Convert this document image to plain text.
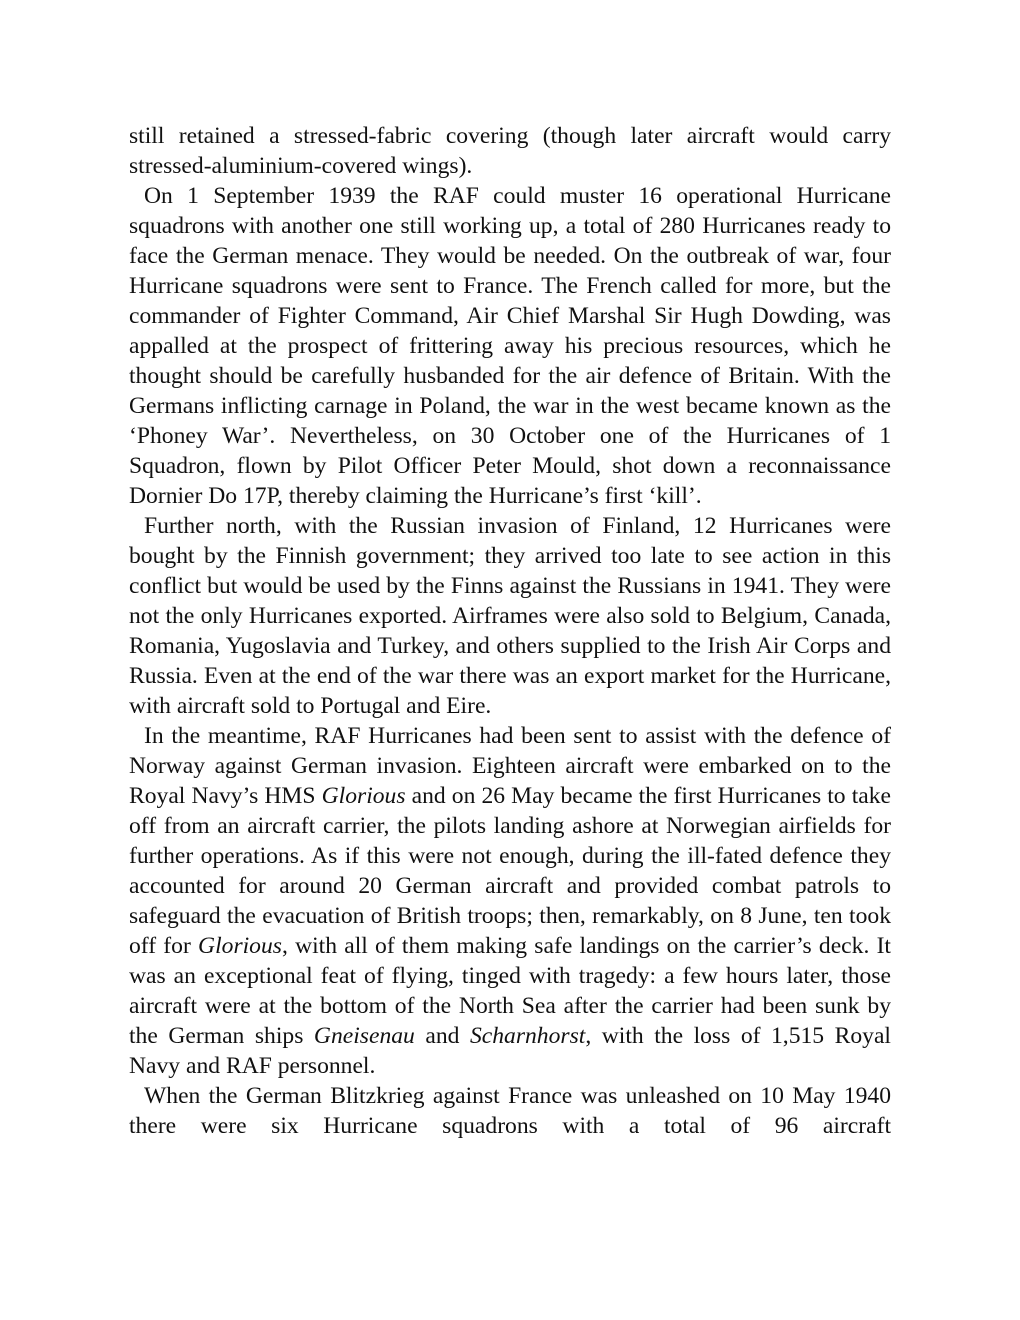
still retained a stressed-fabric covering (though later aircraft would carry stressed-aluminium-covered wings).

On 1 September 1939 the RAF could muster 16 operational Hurricane squadrons with another one still working up, a total of 280 Hurricanes ready to face the German menace. They would be needed. On the outbreak of war, four Hurricane squadrons were sent to France. The French called for more, but the commander of Fighter Command, Air Chief Marshal Sir Hugh Dowding, was appalled at the prospect of frittering away his precious resources, which he thought should be carefully husbanded for the air defence of Britain. With the Germans inflicting carnage in Poland, the war in the west became known as the ‘Phoney War’. Nevertheless, on 30 October one of the Hurricanes of 1 Squadron, flown by Pilot Officer Peter Mould, shot down a reconnaissance Dornier Do 17P, thereby claiming the Hurricane’s first ‘kill’.

Further north, with the Russian invasion of Finland, 12 Hurricanes were bought by the Finnish government; they arrived too late to see action in this conflict but would be used by the Finns against the Russians in 1941. They were not the only Hurricanes exported. Airframes were also sold to Belgium, Canada, Romania, Yugoslavia and Turkey, and others supplied to the Irish Air Corps and Russia. Even at the end of the war there was an export market for the Hurricane, with aircraft sold to Portugal and Eire.

In the meantime, RAF Hurricanes had been sent to assist with the defence of Norway against German invasion. Eighteen aircraft were embarked on to the Royal Navy’s HMS Glorious and on 26 May became the first Hurricanes to take off from an aircraft carrier, the pilots landing ashore at Norwegian airfields for further operations. As if this were not enough, during the ill-fated defence they accounted for around 20 German aircraft and provided combat patrols to safeguard the evacuation of British troops; then, remarkably, on 8 June, ten took off for Glorious, with all of them making safe landings on the carrier’s deck. It was an exceptional feat of flying, tinged with tragedy: a few hours later, those aircraft were at the bottom of the North Sea after the carrier had been sunk by the German ships Gneisenau and Scharnhorst, with the loss of 1,515 Royal Navy and RAF personnel.

When the German Blitzkrieg against France was unleashed on 10 May 1940 there were six Hurricane squadrons with a total of 96 aircraft
